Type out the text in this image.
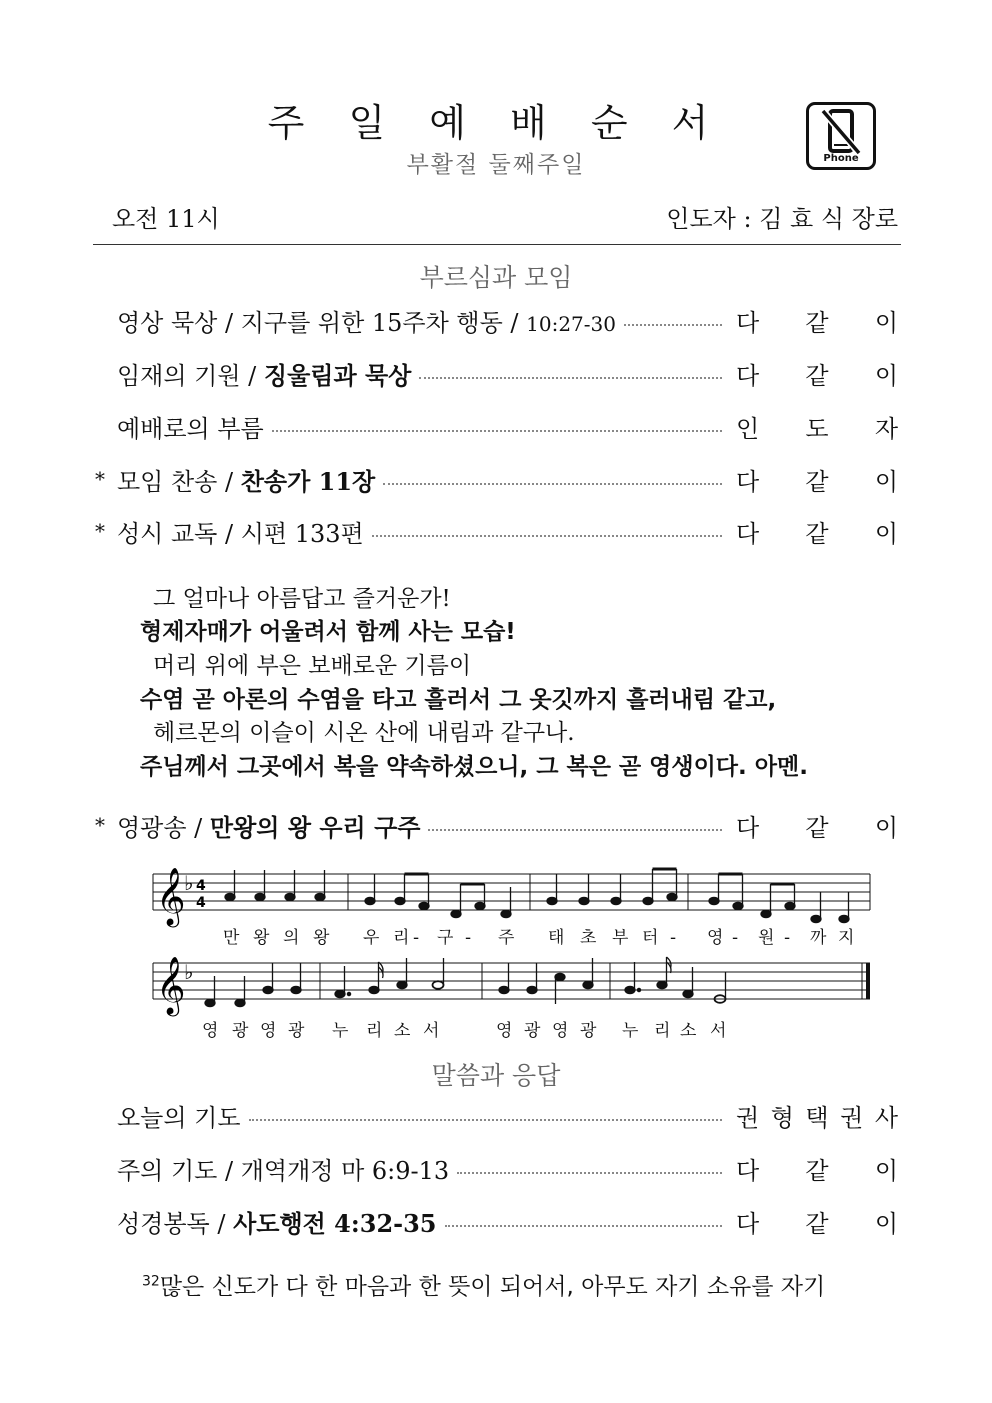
주 일 예 배 순 서
부활절 둘째주일	Phone
오전 11시	인도자 : 김 효 식 장로
부르심과 모임
영상 묵상 / 지구를 위한 15주차 행동 / 10:27-30	다 같 이
임재의 기원 / 징울림과 묵상	다 같 이
예배로의 부름	인 도 자
* 모임 찬송 / 찬송가 11장	다 같 이
* 성시 교독 / 시편 133편	다 같 이
그 얼마나 아름답고 즐거운가!
형제자매가 어울려서 함께 사는 모습!
머리 위에 부은 보배로운 기름이
수염 곧 아론의 수염을 타고 흘러서 그 옷깃까지 흘러내림 같고,
헤르몬의 이슬이 시온 산에 내림과 같구나.
주님께서 그곳에서 복을 약속하셨으니, 그 복은 곧 영생이다. 아멘.
* 영광송 / 만왕의 왕 우리 구주	다 같 이
𝄞
♭ 4
4
만 왕 의 왕 우 리 - 구 - 주 태 초 부 터 - 영 - 원 - 까 지
𝄞
♭
영 광 영 광 누 리 소 서	영 광 영 광 누 리 소 서
말씀과 응답
오늘의 기도	권 형 택 권 사
주의 기도 / 개역개정 마 6:9-13	다 같 이
성경봉독 / 사도행전 4:32-35	다 같 이
$^{32}$많은 신도가 다 한 마음과 한 뜻이 되어서, 아무도 자기 소유를 자기
